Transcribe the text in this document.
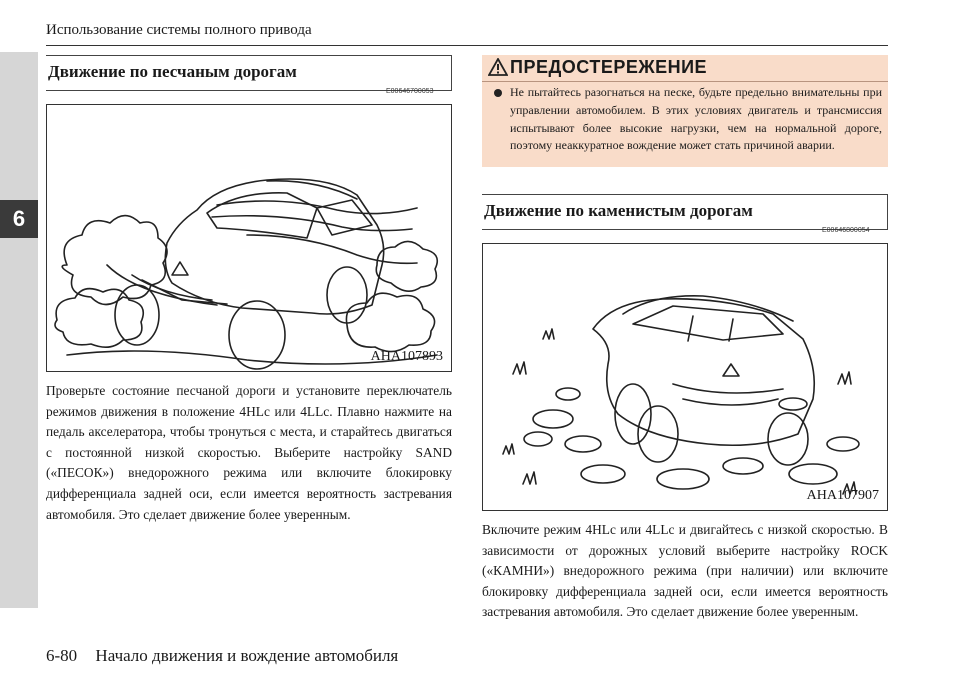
Использование системы полного привода
6
Движение по песчаным дорогам
E00646700053
AHA107893
Проверьте состояние песчаной дороги и установите переключатель режимов движения в положение 4HLc или 4LLc. Плавно нажмите на педаль акселератора, чтобы тронуться с места, и старайтесь двигаться с постоянной низкой скоростью. Выберите настройку SAND («ПЕСОК») внедорожного режима или включите блокировку дифференциала задней оси, если имеется вероятность застревания автомобиля. Это сделает движение более уверенным.
ПРЕДОСТЕРЕЖЕНИЕ
Не пытайтесь разогнаться на песке, будьте предельно внимательны при управлении автомобилем. В этих условиях двигатель и трансмиссия испытывают более высокие нагрузки, чем на нормальной дороге, поэтому неаккуратное вождение может стать причиной аварии.
Движение по каменистым дорогам
E00646800054
AHA107907
Включите режим 4HLc или 4LLc и двигайтесь с низкой скоростью. В зависимости от дорожных условий выберите настройку ROCK («КАМНИ») внедорожного режима (при наличии) или включите блокировку дифференциала задней оси, если имеется вероятность застревания автомобиля. Это сделает движение более уверенным.
6-80 Начало движения и вождение автомобиля
